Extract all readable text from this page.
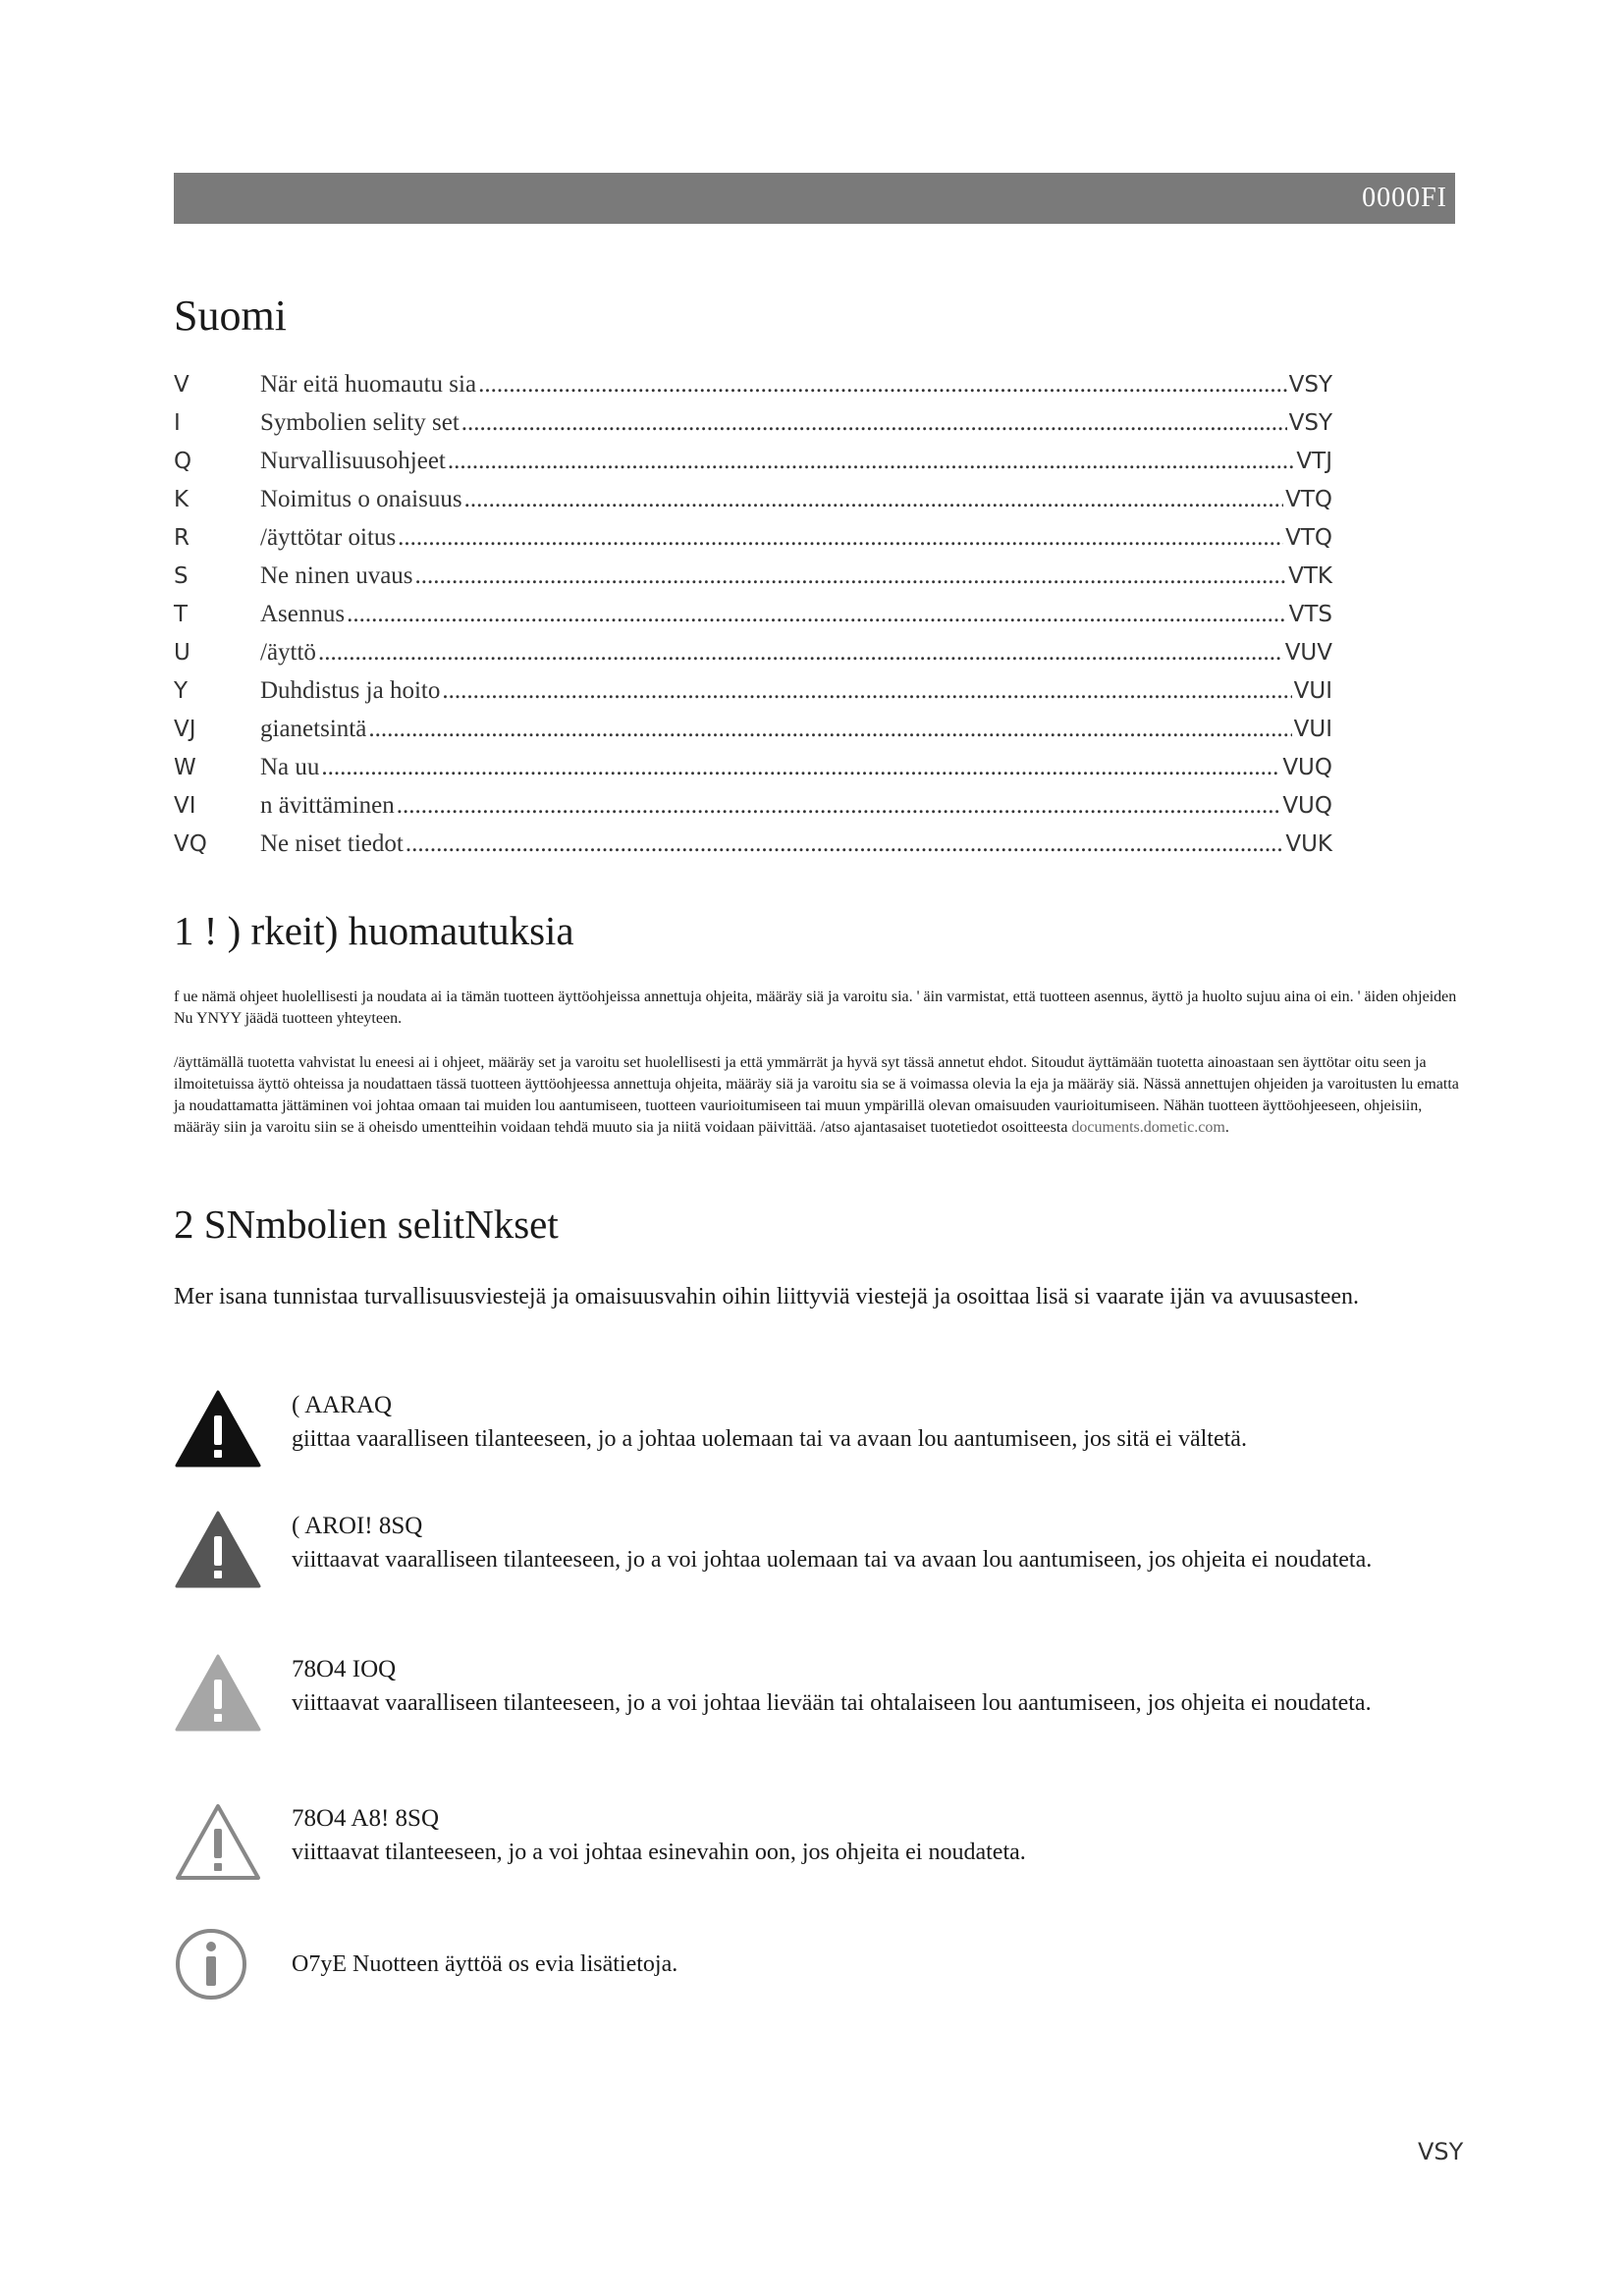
0000FI
Suomi
V	När eitä huomautu sia .....	VSY
I	Symbolien selity set .....	VSY
Q	Nurvallisuusohjeet .....	VTJ
K	Noimitus o onaisuus .....	VTQ
R	/äyttötar oitus .....	VTQ
S	Ne ninen uvaus .....	VTK
T	Asennus .....	VTS
U	/äyttö .....	VUV
Y	Duhdistus ja hoito .....	VUI
VJ	gianetsintä .....	VUI
W	Na uu .....	VUQ
VI	n ävittäminen .....	VUQ
VQ	Ne niset tiedot .....	VUK
1 ! ) rkeit) huomautuksia

f ue nämä ohjeet huolellisesti ja noudata ai ia tämän tuotteen äyttöohjeissa annettuja ohjeita, määräy siä ja varoitu sia. ' äin varmistat, että tuotteen asennus, äyttö ja huolto sujuu aina oi ein. ' äiden ohjeiden Nu YNYY jäädä tuotteen yhteyteen.

/äyttämällä tuotetta vahvistat lu eneesi ai i ohjeet, määräy set ja varoitu set huolellisesti ja että ymmärrät ja hyvä syt tässä annetut ehdot. Sitoudut äyttämään tuotetta ainoastaan sen äyttötar oitu seen ja ilmoitetuissa äyttö ohteissa ja noudattaen tässä tuotteen äyttöohjeessa annettuja ohjeita, määräy siä ja varoitu sia se ä voimassa olevia la eja ja määräy siä. Nässä annettujen ohjeiden ja varoitusten lu ematta ja noudattamatta jättäminen voi johtaa omaan tai muiden lou aantumiseen, tuotteen vaurioitumiseen tai muun ympärillä olevan omaisuuden vaurioitumiseen. Nähän tuotteen äyttöohjeeseen, ohjeisiin, määräy siin ja varoitu siin se ä oheisdo umentteihin voidaan tehdä muuto sia ja niitä voidaan päivittää. /atso ajantasaiset tuotetiedot osoitteesta documents.dometic.com.

2 SNmbolien selitNkset

Mer isana tunnistaa turvallisuusviestejä ja omaisuusvahin oihin liittyviä viestejä ja osoittaa lisä si vaarate ijän va avuusasteen.

( AARAQ
giittaa vaaralliseen tilanteeseen, jo a johtaa uolemaan tai va avaan lou aantumiseen, jos sitä ei vältetä.
( AROI! 8SQ
viittaavat vaaralliseen tilanteeseen, jo a voi johtaa uolemaan tai va avaan lou aantumiseen, jos ohjeita ei noudateta.
78O4 IOQ
viittaavat vaaralliseen tilanteeseen, jo a voi johtaa lievään tai ohtalaiseen lou aantumiseen, jos ohjeita ei noudateta.
78O4 A8! 8SQ
viittaavat tilanteeseen, jo a voi johtaa esinevahin oon, jos ohjeita ei noudateta.
O7yE Nuotteen äyttöä os evia lisätietoja.
VSY
